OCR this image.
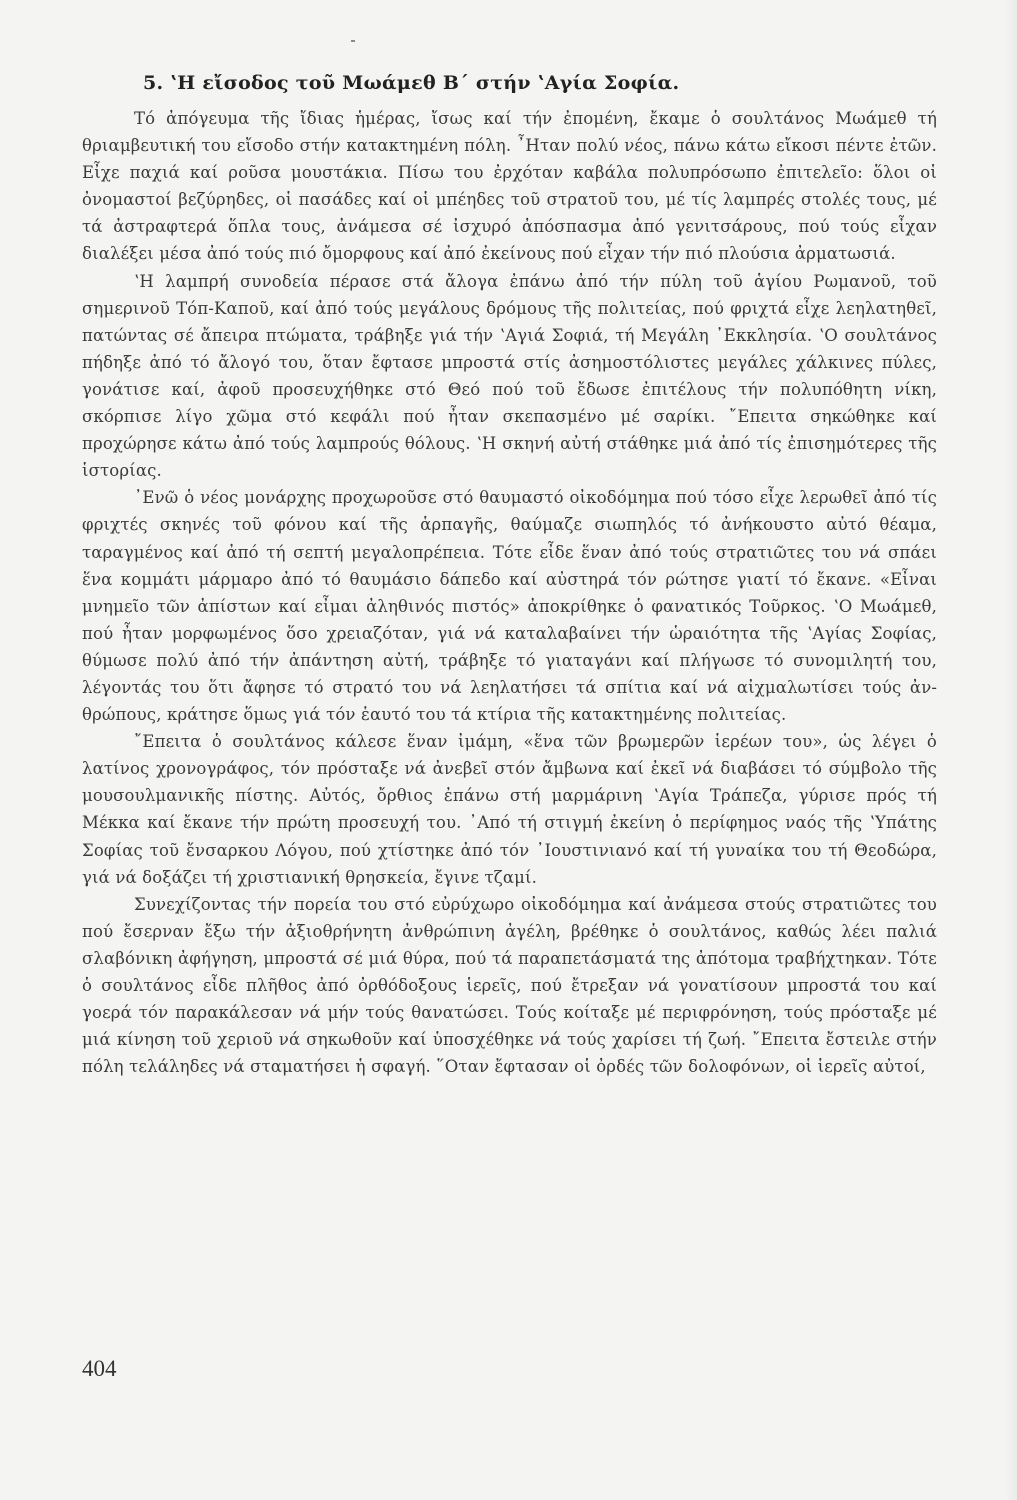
5. ʽΗ εἴσοδος τοῦ Μωάμεθ Β΄ στήν ʽΑγία Σοφία.

Τό ἀπόγευμα τῆς ἴδιας ἡμέρας, ἴσως καί τήν ἐπομένη, ἔκαμε ὁ σουλτάνος Μωάμεθ τή θριαμβευτική του εἴσοδο στήν κατακτημένη πόλη. ῏Ηταν πολύ νέος, πάνω κάτω εἴκοσι πέντε ἐτῶν. Εἶχε παχιά καί ροῦσα μουστάκια. Πίσω του ἐρχόταν καβάλα πολυπρόσωπο ἐπιτελεῖο: ὅλοι οἱ ὀνομαστοί βεζύρηδες, οἱ πασάδες καί οἱ μπέηδες τοῦ στρατοῦ του, μέ τίς λαμπρές στολές τους, μέ τά ἀστραφτερά ὅπλα τους, ἀνάμεσα σέ ἰσχυρό ἀπόσπασμα ἀπό γενιτσάρους, πού τούς εἶχαν διαλέξει μέσα ἀπό τούς πιό ὄμορφους καί ἀπό ἐκείνους πού εἶχαν τήν πιό πλούσια ἀρματωσιά.

ʽΗ λαμπρή συνοδεία πέρασε στά ἄλογα ἐπάνω ἀπό τήν πύλη τοῦ ἁγίου Ρωμανοῦ, τοῦ σημερινοῦ Τόπ-Καποῦ, καί ἀπό τούς μεγάλους δρόμους τῆς πολιτείας, πού φριχτά εἶχε λεηλατηθεῖ, πατώντας σέ ἄπειρα πτώματα, τράβηξε γιά τήν ʽΑγιά Σοφιά, τή Μεγάλη ᾿Εκκλησία. ʽΟ σουλτάνος πήδηξε ἀπό τό ἄλογό του, ὅταν ἔφτασε μπροστά στίς ἀσημοστόλιστες μεγάλες χάλκινες πύλες, γονάτισε καί, ἀφοῦ προσευχήθηκε στό Θεό πού τοῦ ἔδωσε ἐπιτέλους τήν πολυπόθητη νίκη, σκόρπισε λίγο χῶμα στό κεφάλι πού ἦταν σκεπασμένο μέ σαρίκι. ῎Επειτα σηκώθηκε καί προχώρησε κάτω ἀπό τούς λαμπρούς θόλους. ʽΗ σκηνή αὐτή στάθηκε μιά ἀπό τίς ἐπισημότερες τῆς ἱστορίας.

᾿Ενῶ ὁ νέος μονάρχης προχωροῦσε στό θαυμαστό οἰκοδόμημα πού τόσο εἶχε λερωθεῖ ἀπό τίς φριχτές σκηνές τοῦ φόνου καί τῆς ἁρπαγῆς, θαύμαζε σιωπηλός τό ἀνήκουστο αὐτό θέαμα, ταραγμένος καί ἀπό τή σεπτή μεγαλοπρέπεια. Τότε εἶδε ἕναν ἀπό τούς στρατιῶτες του νά σπάει ἕνα κομμάτι μάρμαρο ἀπό τό θαυμάσιο δάπεδο καί αὐστηρά τόν ρώτησε γιατί τό ἔκανε. «Εἶναι μνημεῖο τῶν ἀπίστων καί εἶμαι ἀληθινός πιστός» ἀποκρίθηκε ὁ φανατικός Τοῦρκος. ʽΟ Μωάμεθ, πού ἦταν μορφωμένος ὅσο χρειαζόταν, γιά νά καταλαβαίνει τήν ὡραιότητα τῆς ʽΑγίας Σοφίας, θύμωσε πολύ ἀπό τήν ἀπάντηση αὐτή, τράβηξε τό γιαταγάνι καί πλήγωσε τό συνομιλητή του, λέγοντάς του ὅτι ἄφησε τό στρατό του νά λεηλατήσει τά σπίτια καί νά αἰχμαλωτίσει τούς ἀνθρώπους, κράτησε ὅμως γιά τόν ἑαυτό του τά κτίρια τῆς κατακτημένης πολιτείας.

῎Επειτα ὁ σουλτάνος κάλεσε ἕναν ἰμάμη, «ἕνα τῶν βρωμερῶν ἱερέων του», ὡς λέγει ὁ λατίνος χρονογράφος, τόν πρόσταξε νά ἀνεβεῖ στόν ἄμβωνα καί ἐκεῖ νά διαβάσει τό σύμβολο τῆς μουσουλμανικῆς πίστης. Αὐτός, ὄρθιος ἐπάνω στή μαρμάρινη ʽΑγία Τράπεζα, γύρισε πρός τή Μέκκα καί ἔκανε τήν πρώτη προσευχή του. ᾿Από τή στιγμή ἐκείνη ὁ περίφημος ναός τῆς ʽΥπάτης Σοφίας τοῦ ἔνσαρκου Λόγου, πού χτίστηκε ἀπό τόν ᾿Ιουστινιανό καί τή γυναίκα του τή Θεοδώρα, γιά νά δοξάζει τή χριστιανική θρησκεία, ἔγινε τζαμί.

Συνεχίζοντας τήν πορεία του στό εὐρύχωρο οἰκοδόμημα καί ἀνάμεσα στούς στρατιῶτες του πού ἔσερναν ἔξω τήν ἀξιοθρήνητη ἀνθρώπινη ἀγέλη, βρέθηκε ὁ σουλτάνος, καθώς λέει παλιά σλαβόνικη ἀφήγηση, μπροστά σέ μιά θύρα, πού τά παραπετάσματά της ἀπότομα τραβήχτηκαν. Τότε ὁ σουλτάνος εἶδε πλῆθος ἀπό ὀρθόδοξους ἱερεῖς, πού ἔτρεξαν νά γονατίσουν μπροστά του καί γοερά τόν παρακάλεσαν νά μήν τούς θανατώσει. Τούς κοίταξε μέ περιφρόνηση, τούς πρόσταξε μέ μιά κίνηση τοῦ χεριοῦ νά σηκωθοῦν καί ὑποσχέθηκε νά τούς χαρίσει τή ζωή. ῎Επειτα ἔστειλε στήν πόλη τελάληδες νά σταματήσει ἡ σφαγή. ῞Οταν ἔφτασαν οἱ ὀρδές τῶν δολοφόνων, οἱ ἱερεῖς αὐτοί,

404
